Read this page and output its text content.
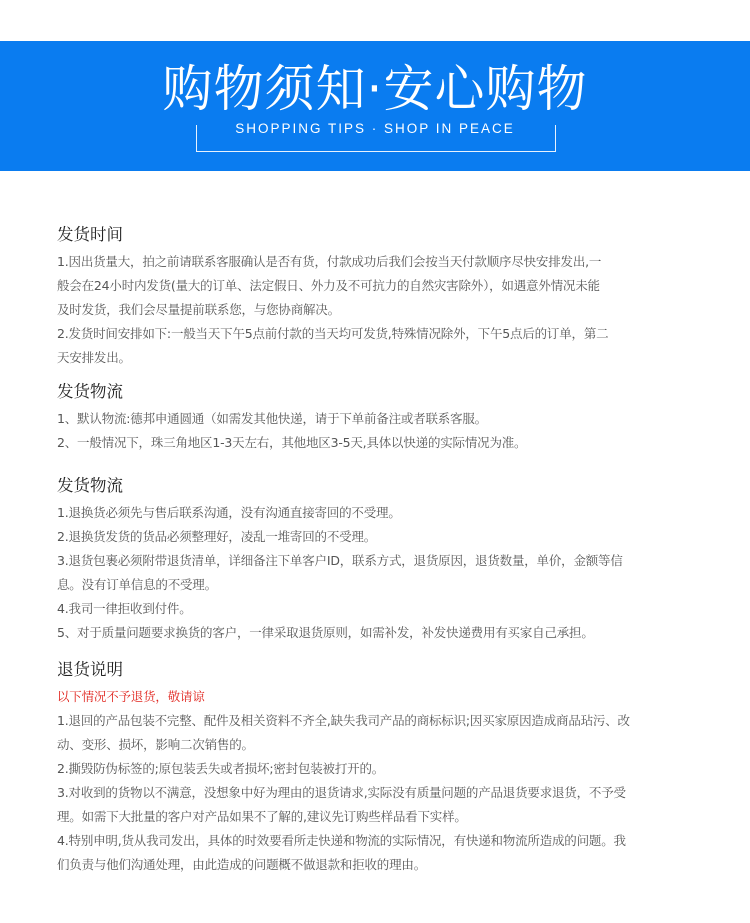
购物须知·安心购物
SHOPPING TIPS · SHOP IN PEACE
发货时间
1.因出货量大，拍之前请联系客服确认是否有货，付款成功后我们会按当天付款顺序尽快安排发出,一
般会在24小时内发货(量大的订单、法定假日、外力及不可抗力的自然灾害除外），如遇意外情况未能
及时发货，我们会尽量提前联系您，与您协商解决。
2.发货时间安排如下:一般当天下午5点前付款的当天均可发货,特殊情况除外，下午5点后的订单，第二
天安排发出。
发货物流
1、默认物流:德邦申通圆通（如需发其他快递，请于下单前备注或者联系客服。
2、一般情况下，珠三角地区1-3天左右，其他地区3-5天,具体以快递的实际情况为准。
发货物流
1.退换货必须先与售后联系沟通，没有沟通直接寄回的不受理。
2.退换货发货的货品必须整理好，凌乱一堆寄回的不受理。
3.退货包裹必须附带退货清单，详细备注下单客户ID，联系方式，退货原因，退货数量，单价，金额等信
息。没有订单信息的不受理。
4.我司一律拒收到付件。
5、对于质量问题要求换货的客户，一律采取退货原则，如需补发，补发快递费用有买家自己承担。
退货说明
以下情况不予退货，敬请谅
1.退回的产品包装不完整、配件及相关资料不齐全,缺失我司产品的商标标识;因买家原因造成商品玷污、改
动、变形、损坏，影响二次销售的。
2.撕毁防伪标签的;原包装丢失或者损坏;密封包装被打开的。
3.对收到的货物以不满意，没想象中好为理由的退货请求,实际没有质量问题的产品退货要求退货，不予受
理。如需下大批量的客户对产品如果不了解的,建议先订购些样品看下实样。
4.特别申明,货从我司发出，具体的时效要看所走快递和物流的实际情况，有快递和物流所造成的问题。我
们负责与他们沟通处理，由此造成的问题概不做退款和拒收的理由。
